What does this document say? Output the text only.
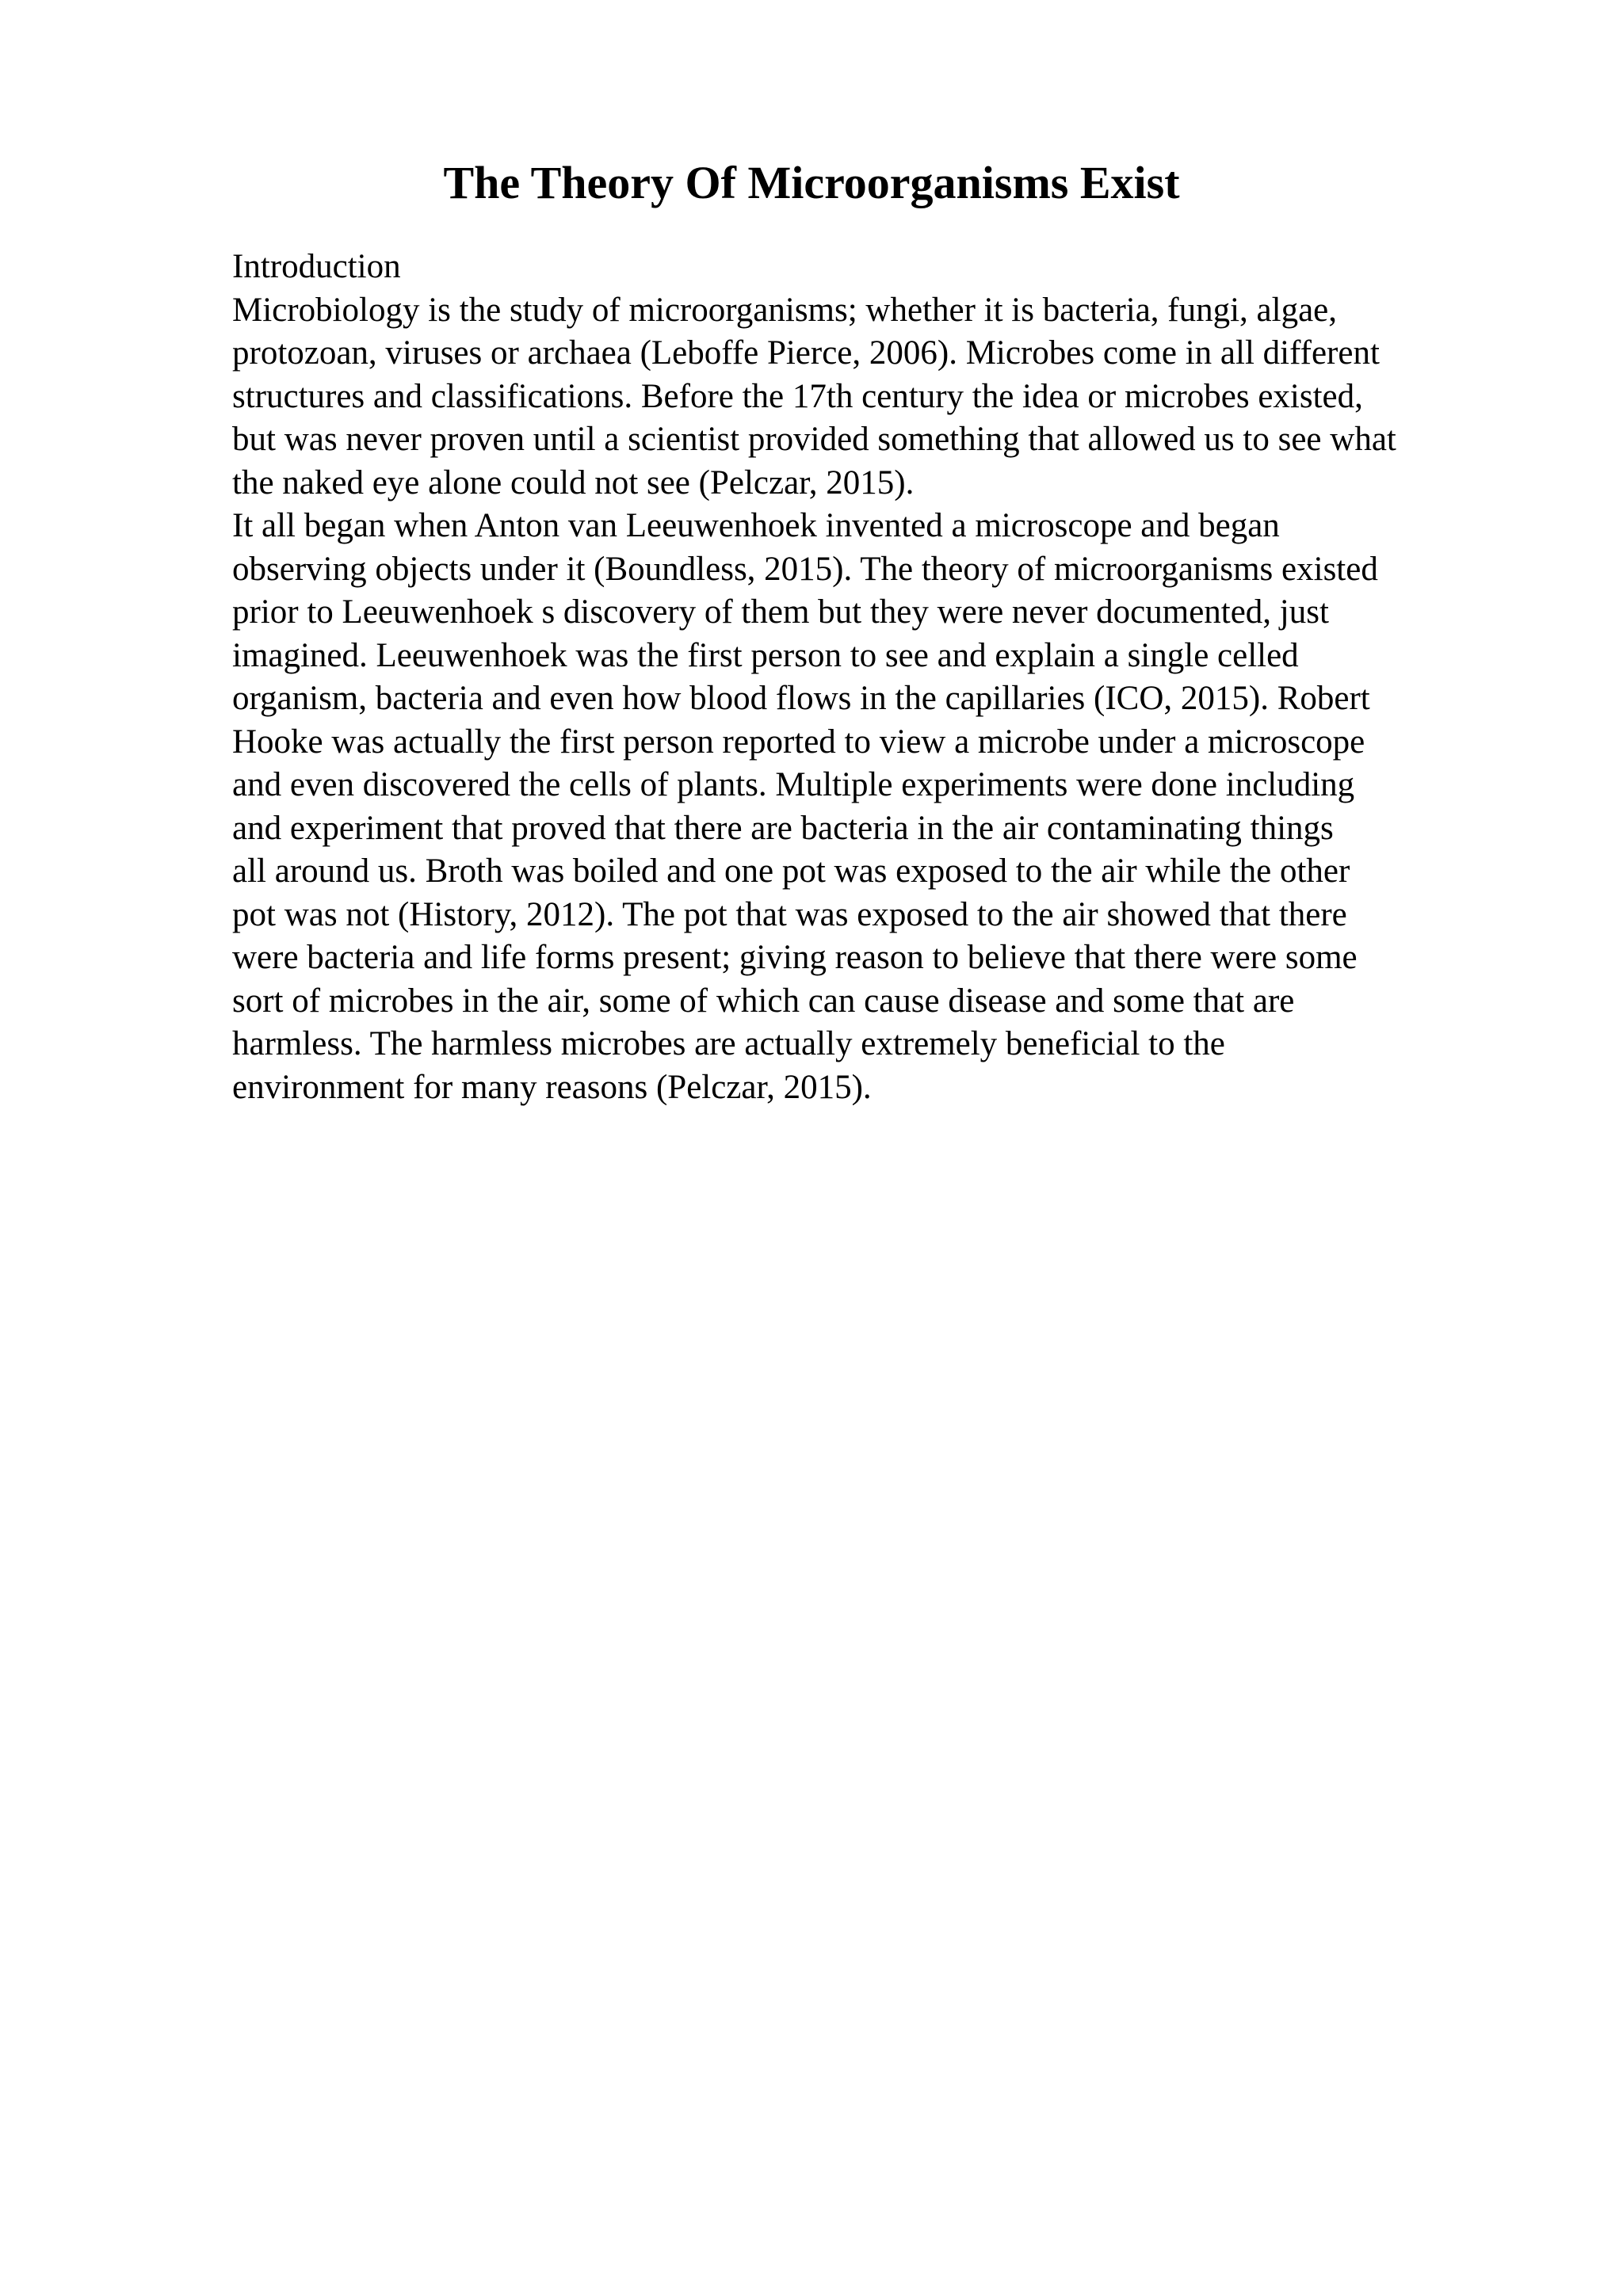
The Theory Of Microorganisms Exist
Introduction
Microbiology is the study of microorganisms; whether it is bacteria, fungi, algae,
protozoan, viruses or archaea (Leboffe Pierce, 2006). Microbes come in all different
structures and classifications. Before the 17th century the idea or microbes existed,
but was never proven until a scientist provided something that allowed us to see what
the naked eye alone could not see (Pelczar, 2015).
It all began when Anton van Leeuwenhoek invented a microscope and began
observing objects under it (Boundless, 2015). The theory of microorganisms existed
prior to Leeuwenhoek s discovery of them but they were never documented, just
imagined. Leeuwenhoek was the first person to see and explain a single celled
organism, bacteria and even how blood flows in the capillaries (ICO, 2015). Robert
Hooke was actually the first person reported to view a microbe under a microscope
and even discovered the cells of plants. Multiple experiments were done including
and experiment that proved that there are bacteria in the air contaminating things
all around us. Broth was boiled and one pot was exposed to the air while the other
pot was not (History, 2012). The pot that was exposed to the air showed that there
were bacteria and life forms present; giving reason to believe that there were some
sort of microbes in the air, some of which can cause disease and some that are
harmless. The harmless microbes are actually extremely beneficial to the
environment for many reasons (Pelczar, 2015).
